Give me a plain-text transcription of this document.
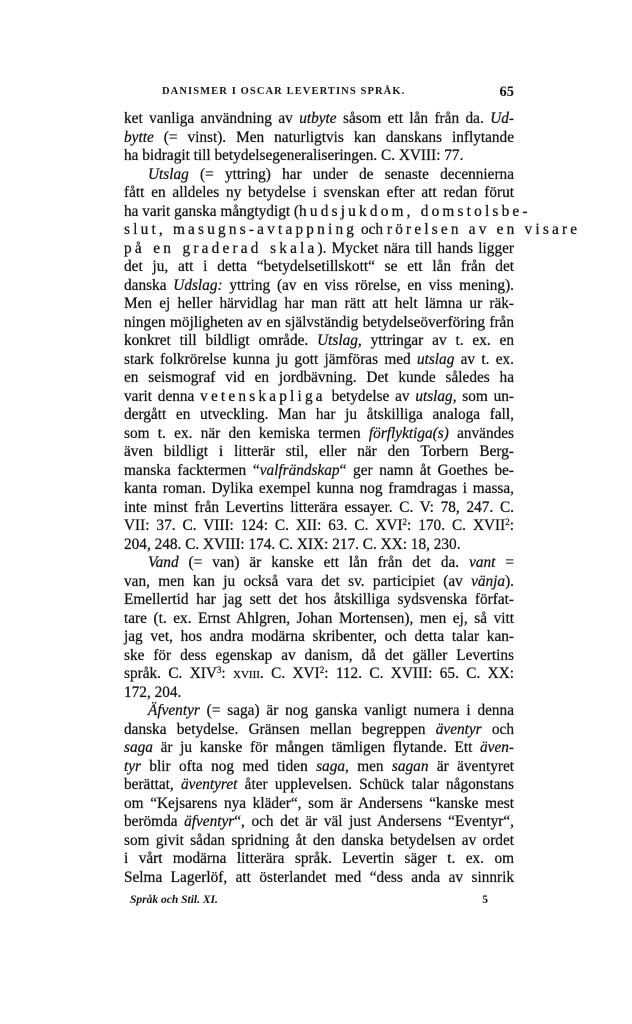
DANISMER I OSCAR LEVERTINS SPRÅK.	65
ket vanliga användning av utbyte såsom ett lån från da. Ud-
bytte (= vinst). Men naturligtvis kan danskans inflytande
ha bidragit till betydelsegeneraliseringen. C. XVIII: 77.
Utslag (= yttring) har under de senaste decennierna
fått en alldeles ny betydelse i svenskan efter att redan förut
ha varit ganska mångtydigt (hudsjukdom, domstolsbe-
slut, masugns-avtappning och rörelsen av en visare
på en graderad skala). Mycket nära till hands ligger
det ju, att i detta “betydelsetillskott“ se ett lån från det
danska Udslag: yttring (av en viss rörelse, en viss mening).
Men ej heller härvidlag har man rätt att helt lämna ur räk-
ningen möjligheten av en självständig betydelseöverföring från
konkret till bildligt område. Utslag, yttringar av t. ex. en
stark folkrörelse kunna ju gott jämföras med utslag av t. ex.
en seismograf vid en jordbävning. Det kunde således ha
varit denna vetenskapliga betydelse av utslag, som un-
dergått en utveckling. Man har ju åtskilliga analoga fall,
som t. ex. när den kemiska termen förflyktiga(s) användes
även bildligt i litterär stil, eller när den Torbern Berg-
manska facktermen “valfrändskap“ ger namn åt Goethes be-
kanta roman. Dylika exempel kunna nog framdragas i massa,
inte minst från Levertins litterära essayer. C. V: 78, 247. C.
VII: 37. C. VIII: 124: C. XII: 63. C. XVI$^2$: 170. C. XVII$^2$:
204, 248. C. XVIII: 174. C. XIX: 217. C. XX: 18, 230.
Vand (= van) är kanske ett lån från det da. vant =
van, men kan ju också vara det sv. participiet (av vänja).
Emellertid har jag sett det hos åtskilliga sydsvenska förfat-
tare (t. ex. Ernst Ahlgren, Johan Mortensen), men ej, så vitt
jag vet, hos andra modärna skribenter, och detta talar kan-
ske för dess egenskap av danism, då det gäller Levertins
språk. C. XIV$^3$: XVIII. C. XVI$^2$: 112. C. XVIII: 65. C. XX:
172, 204.
Äfventyr (= saga) är nog ganska vanligt numera i denna
danska betydelse. Gränsen mellan begreppen äventyr och
saga är ju kanske för mången tämligen flytande. Ett även-
tyr blir ofta nog med tiden saga, men sagan är äventyret
berättat, äventyret åter upplevelsen. Schück talar någonstans
om “Kejsarens nya kläder“, som är Andersens “kanske mest
berömda äfventyr“, och det är väl just Andersens “Eventyr“,
som givit sådan spridning åt den danska betydelsen av ordet
i vårt modärna litterära språk. Levertin säger t. ex. om
Selma Lagerlöf, att österlandet med “dess anda av sinnrik
Språk och Stil. XI.	5
